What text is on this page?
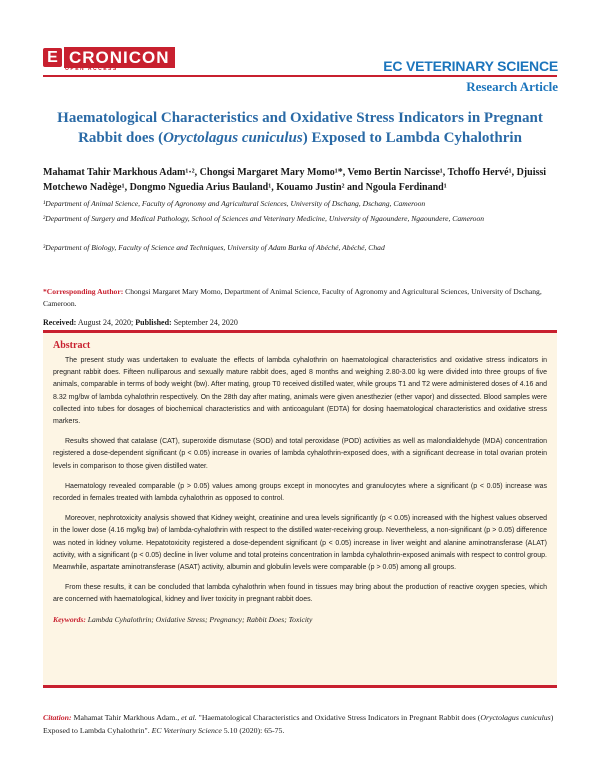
E CRONICON
OPEN ACCESS	EC VETERINARY SCIENCE
Research Article
Haematological Characteristics and Oxidative Stress Indicators in Pregnant Rabbit does (Oryctolagus cuniculus) Exposed to Lambda Cyhalothrin
Mahamat Tahir Markhous Adam¹·², Chongsi Margaret Mary Momo¹*, Vemo Bertin Narcisse¹, Tchoffo Hervé¹, Djuissi Motchewo Nadège¹, Dongmo Nguedia Arius Bauland¹, Kouamo Justin² and Ngoula Ferdinand¹
¹Department of Animal Science, Faculty of Agronomy and Agricultural Sciences, University of Dschang, Dschang, Cameroon
²Department of Surgery and Medical Pathology, School of Sciences and Veterinary Medicine, University of Ngaoundere, Ngaoundere, Cameroon
³Department of Biology, Faculty of Science and Techniques, University of Adam Barka of Abéché, Abéché, Chad
*Corresponding Author: Chongsi Margaret Mary Momo, Department of Animal Science, Faculty of Agronomy and Agricultural Sciences, University of Dschang, Cameroon.
Received: August 24, 2020; Published: September 24, 2020
Abstract

The present study was undertaken to evaluate the effects of lambda cyhalothrin on haematological characteristics and oxidative stress indicators in pregnant rabbit does. Fifteen nulliparous and sexually mature rabbit does, aged 8 months and weighing 2.80-3.00 kg were divided into three groups of five animals, comparable in terms of body weight (bw). After mating, group T0 received distilled water, while groups T1 and T2 were administered doses of 4.16 and 8.32 mg/bw of lambda cyhalothrin respectively. On the 28th day after mating, animals were given anesthezier (ether vapor) and dissected. Blood samples were collected into tubes for dosages of biochemical characteristics and with anticoagulant (EDTA) for dosing haematological characteristics and oxidative stress markers.

Results showed that catalase (CAT), superoxide dismutase (SOD) and total peroxidase (POD) activities as well as malondialdehyde (MDA) concentration registered a dose-dependent significant (p < 0.05) increase in ovaries of lambda cyhalothrin-exposed does, with a significant decrease in total ovarian protein levels in comparison to those given distilled water.

Haematology revealed comparable (p > 0.05) values among groups except in monocytes and granulocytes where a significant (p < 0.05) increase was recorded in females treated with lambda cyhalothrin as opposed to control.

Moreover, nephrotoxicity analysis showed that Kidney weight, creatinine and urea levels significantly (p < 0.05) increased with the highest values observed in the lower dose (4.16 mg/kg bw) of lambda-cyhalothrin with respect to the distilled water-receiving group. Nevertheless, a non-significant (p > 0.05) difference was noted in kidney volume. Hepatotoxicity registered a dose-dependent significant (p < 0.05) increase in liver weight and alanine aminotransferase (ALAT) activity, with a significant (p < 0.05) decline in liver volume and total proteins concentration in lambda cyhalothrin-exposed animals with respect to control group. Meanwhile, aspartate aminotransferase (ASAT) activity, albumin and globulin levels were comparable (p > 0.05) among all groups.

From these results, it can be concluded that lambda cyhalothrin when found in tissues may bring about the production of reactive oxygen species, which are concerned with haematological, kidney and liver toxicity in pregnant rabbit does.

Keywords: Lambda Cyhalothrin; Oxidative Stress; Pregnancy; Rabbit Does; Toxicity
Citation: Mahamat Tahir Markhous Adam., et al. "Haematological Characteristics and Oxidative Stress Indicators in Pregnant Rabbit does (Oryctolagus cuniculus) Exposed to Lambda Cyhalothrin". EC Veterinary Science 5.10 (2020): 65-75.
